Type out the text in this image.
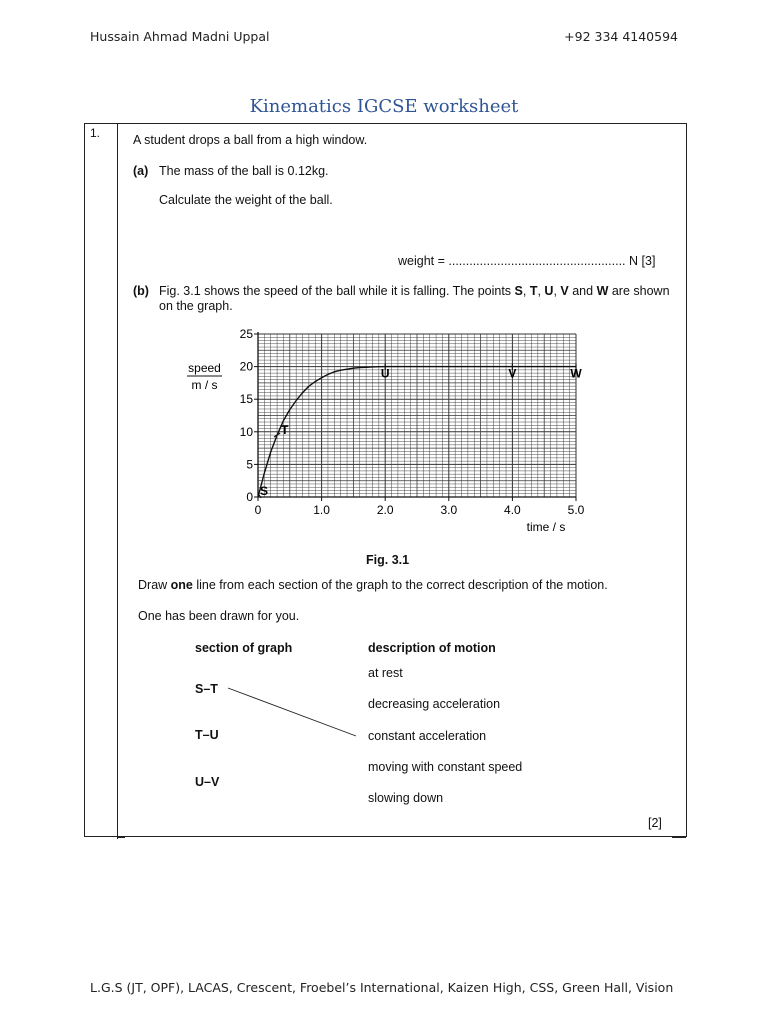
Hussain Ahmad Madni Uppal	+92 334 4140594
Kinematics IGCSE worksheet
1.	A student drops a ball from a high window.
(a) The mass of the ball is 0.12kg.
Calculate the weight of the ball.
weight = ................................................... N [3]
(b) Fig. 3.1 shows the speed of the ball while it is falling. The points S, T, U, V and W are shown
on the graph.
0	1.0	2.0	3.0	4.0	5.0
0
5
10
15
20
25
S
T
U	V	W
speed
m / s
time / s
Fig. 3.1
Draw one line from each section of the graph to the correct description of the motion.
One has been drawn for you.
section of graph	description of motion
S–T
T–U
U–V
at rest
decreasing acceleration
constant acceleration
moving with constant speed
slowing down
[2]
L.G.S (JT, OPF), LACAS, Crescent, Froebel’s International, Kaizen High, CSS, Green Hall, Vision
